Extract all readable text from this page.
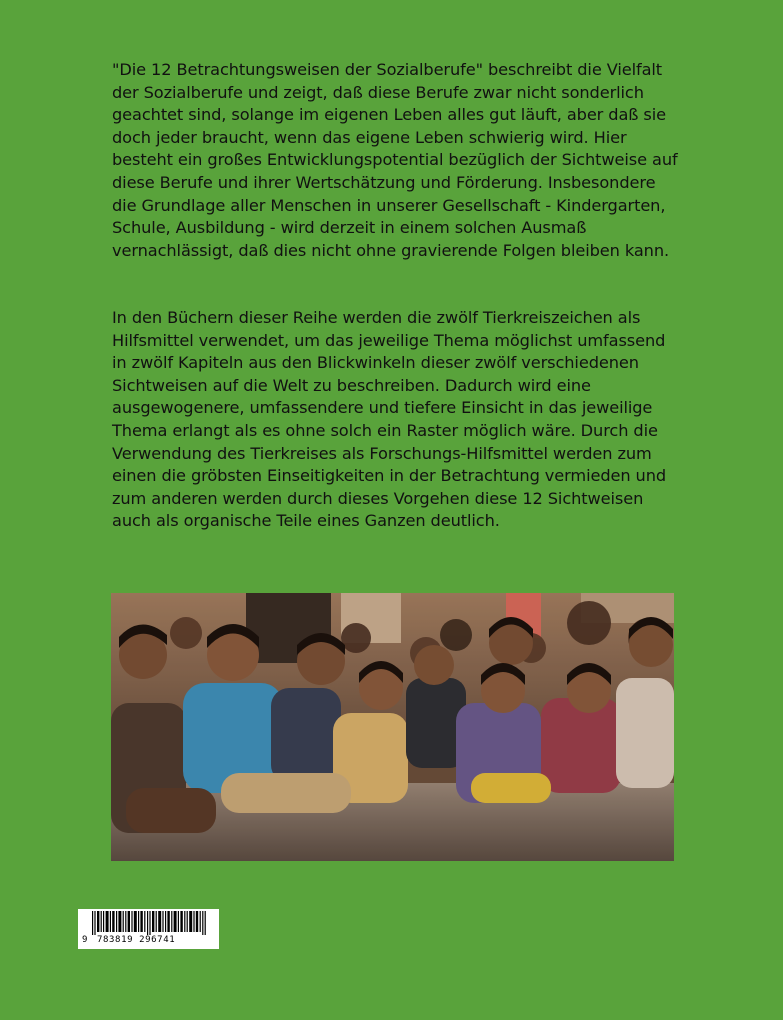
"Die 12 Betrachtungsweisen der Sozialberufe" beschreibt die Vielfalt der Sozialberufe und zeigt, daß diese Berufe zwar nicht sonderlich geachtet sind, solange im eigenen Leben alles gut läuft, aber daß sie doch jeder braucht, wenn das eigene Leben schwierig wird. Hier besteht ein großes Entwicklungspotential bezüglich der Sichtweise auf diese Berufe und ihrer Wertschätzung und Förderung. Insbesondere die Grundlage aller Menschen in unserer Gesellschaft - Kindergarten, Schule, Ausbildung - wird derzeit in einem solchen Ausmaß vernachlässigt, daß dies nicht ohne gravierende Folgen bleiben kann.

In den Büchern dieser Reihe werden die zwölf Tierkreiszeichen als Hilfsmittel verwendet, um das jeweilige Thema möglichst umfassend in zwölf Kapiteln aus den Blickwinkeln dieser zwölf verschiedenen Sichtweisen auf die Welt zu beschreiben. Dadurch wird eine ausgewogenere, umfassendere und tiefere Einsicht in das jeweilige Thema erlangt als es ohne solch ein Raster möglich wäre. Durch die Verwendung des Tierkreises als Forschungs-Hilfsmittel werden zum einen die gröbsten Einseitigkeiten in der Betrachtung vermieden und zum anderen werden durch dieses Vorgehen diese 12 Sichtweisen auch als organische Teile eines Ganzen deutlich.

9 783819 296741
